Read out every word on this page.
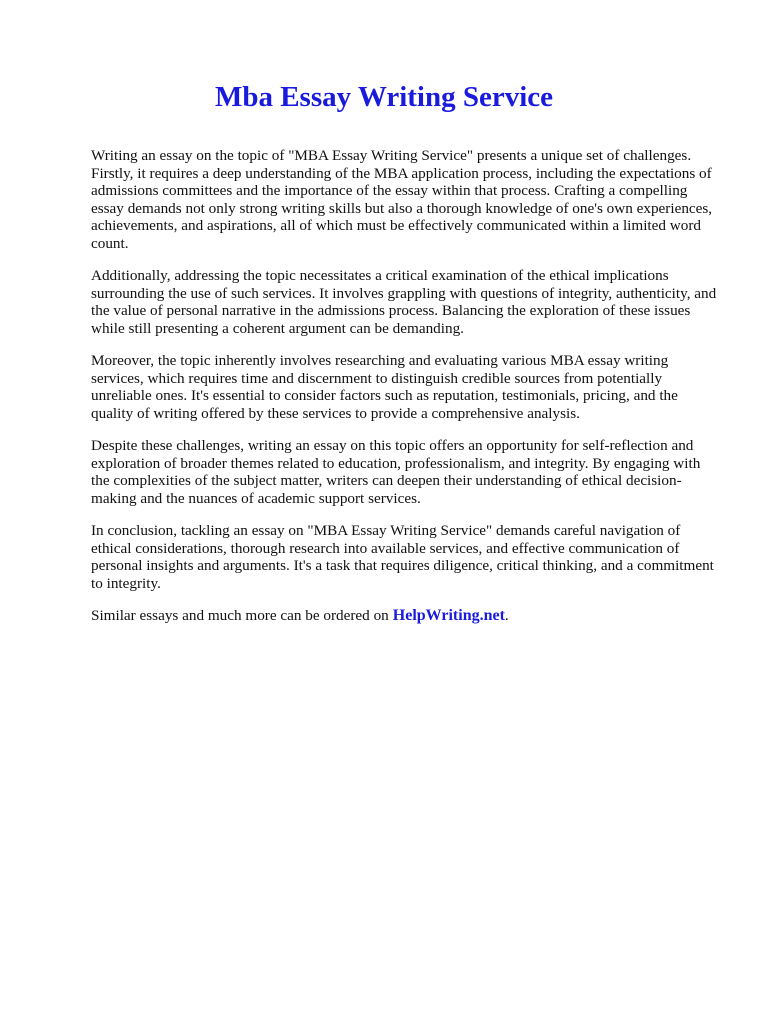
Mba Essay Writing Service

Writing an essay on the topic of "MBA Essay Writing Service" presents a unique set of challenges. Firstly, it requires a deep understanding of the MBA application process, including the expectations of admissions committees and the importance of the essay within that process. Crafting a compelling essay demands not only strong writing skills but also a thorough knowledge of one's own experiences, achievements, and aspirations, all of which must be effectively communicated within a limited word count.

Additionally, addressing the topic necessitates a critical examination of the ethical implications surrounding the use of such services. It involves grappling with questions of integrity, authenticity, and the value of personal narrative in the admissions process. Balancing the exploration of these issues while still presenting a coherent argument can be demanding.

Moreover, the topic inherently involves researching and evaluating various MBA essay writing services, which requires time and discernment to distinguish credible sources from potentially unreliable ones. It's essential to consider factors such as reputation, testimonials, pricing, and the quality of writing offered by these services to provide a comprehensive analysis.

Despite these challenges, writing an essay on this topic offers an opportunity for self-reflection and exploration of broader themes related to education, professionalism, and integrity. By engaging with the complexities of the subject matter, writers can deepen their understanding of ethical decision-making and the nuances of academic support services.

In conclusion, tackling an essay on "MBA Essay Writing Service" demands careful navigation of ethical considerations, thorough research into available services, and effective communication of personal insights and arguments. It's a task that requires diligence, critical thinking, and a commitment to integrity.

Similar essays and much more can be ordered on HelpWriting.net.
